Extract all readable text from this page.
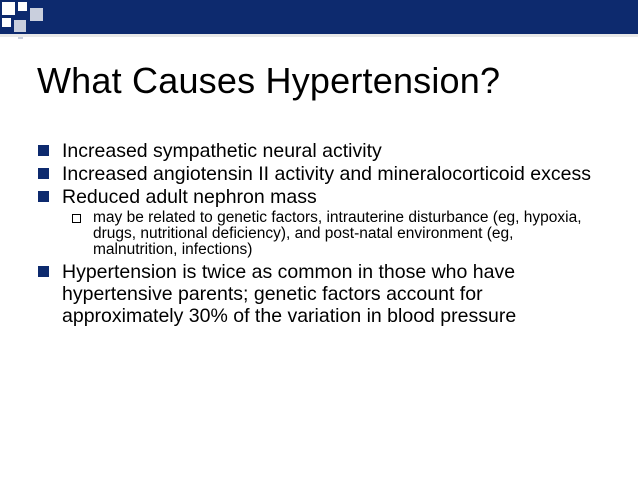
What Causes Hypertension?
Increased sympathetic neural activity
Increased angiotensin II activity and mineralocorticoid excess
Reduced adult nephron mass
may be related to genetic factors, intrauterine disturbance (eg, hypoxia, drugs, nutritional deficiency), and post-natal environment (eg, malnutrition, infections)
Hypertension is twice as common in those who have hypertensive parents; genetic factors account for approximately 30% of the variation in blood pressure
